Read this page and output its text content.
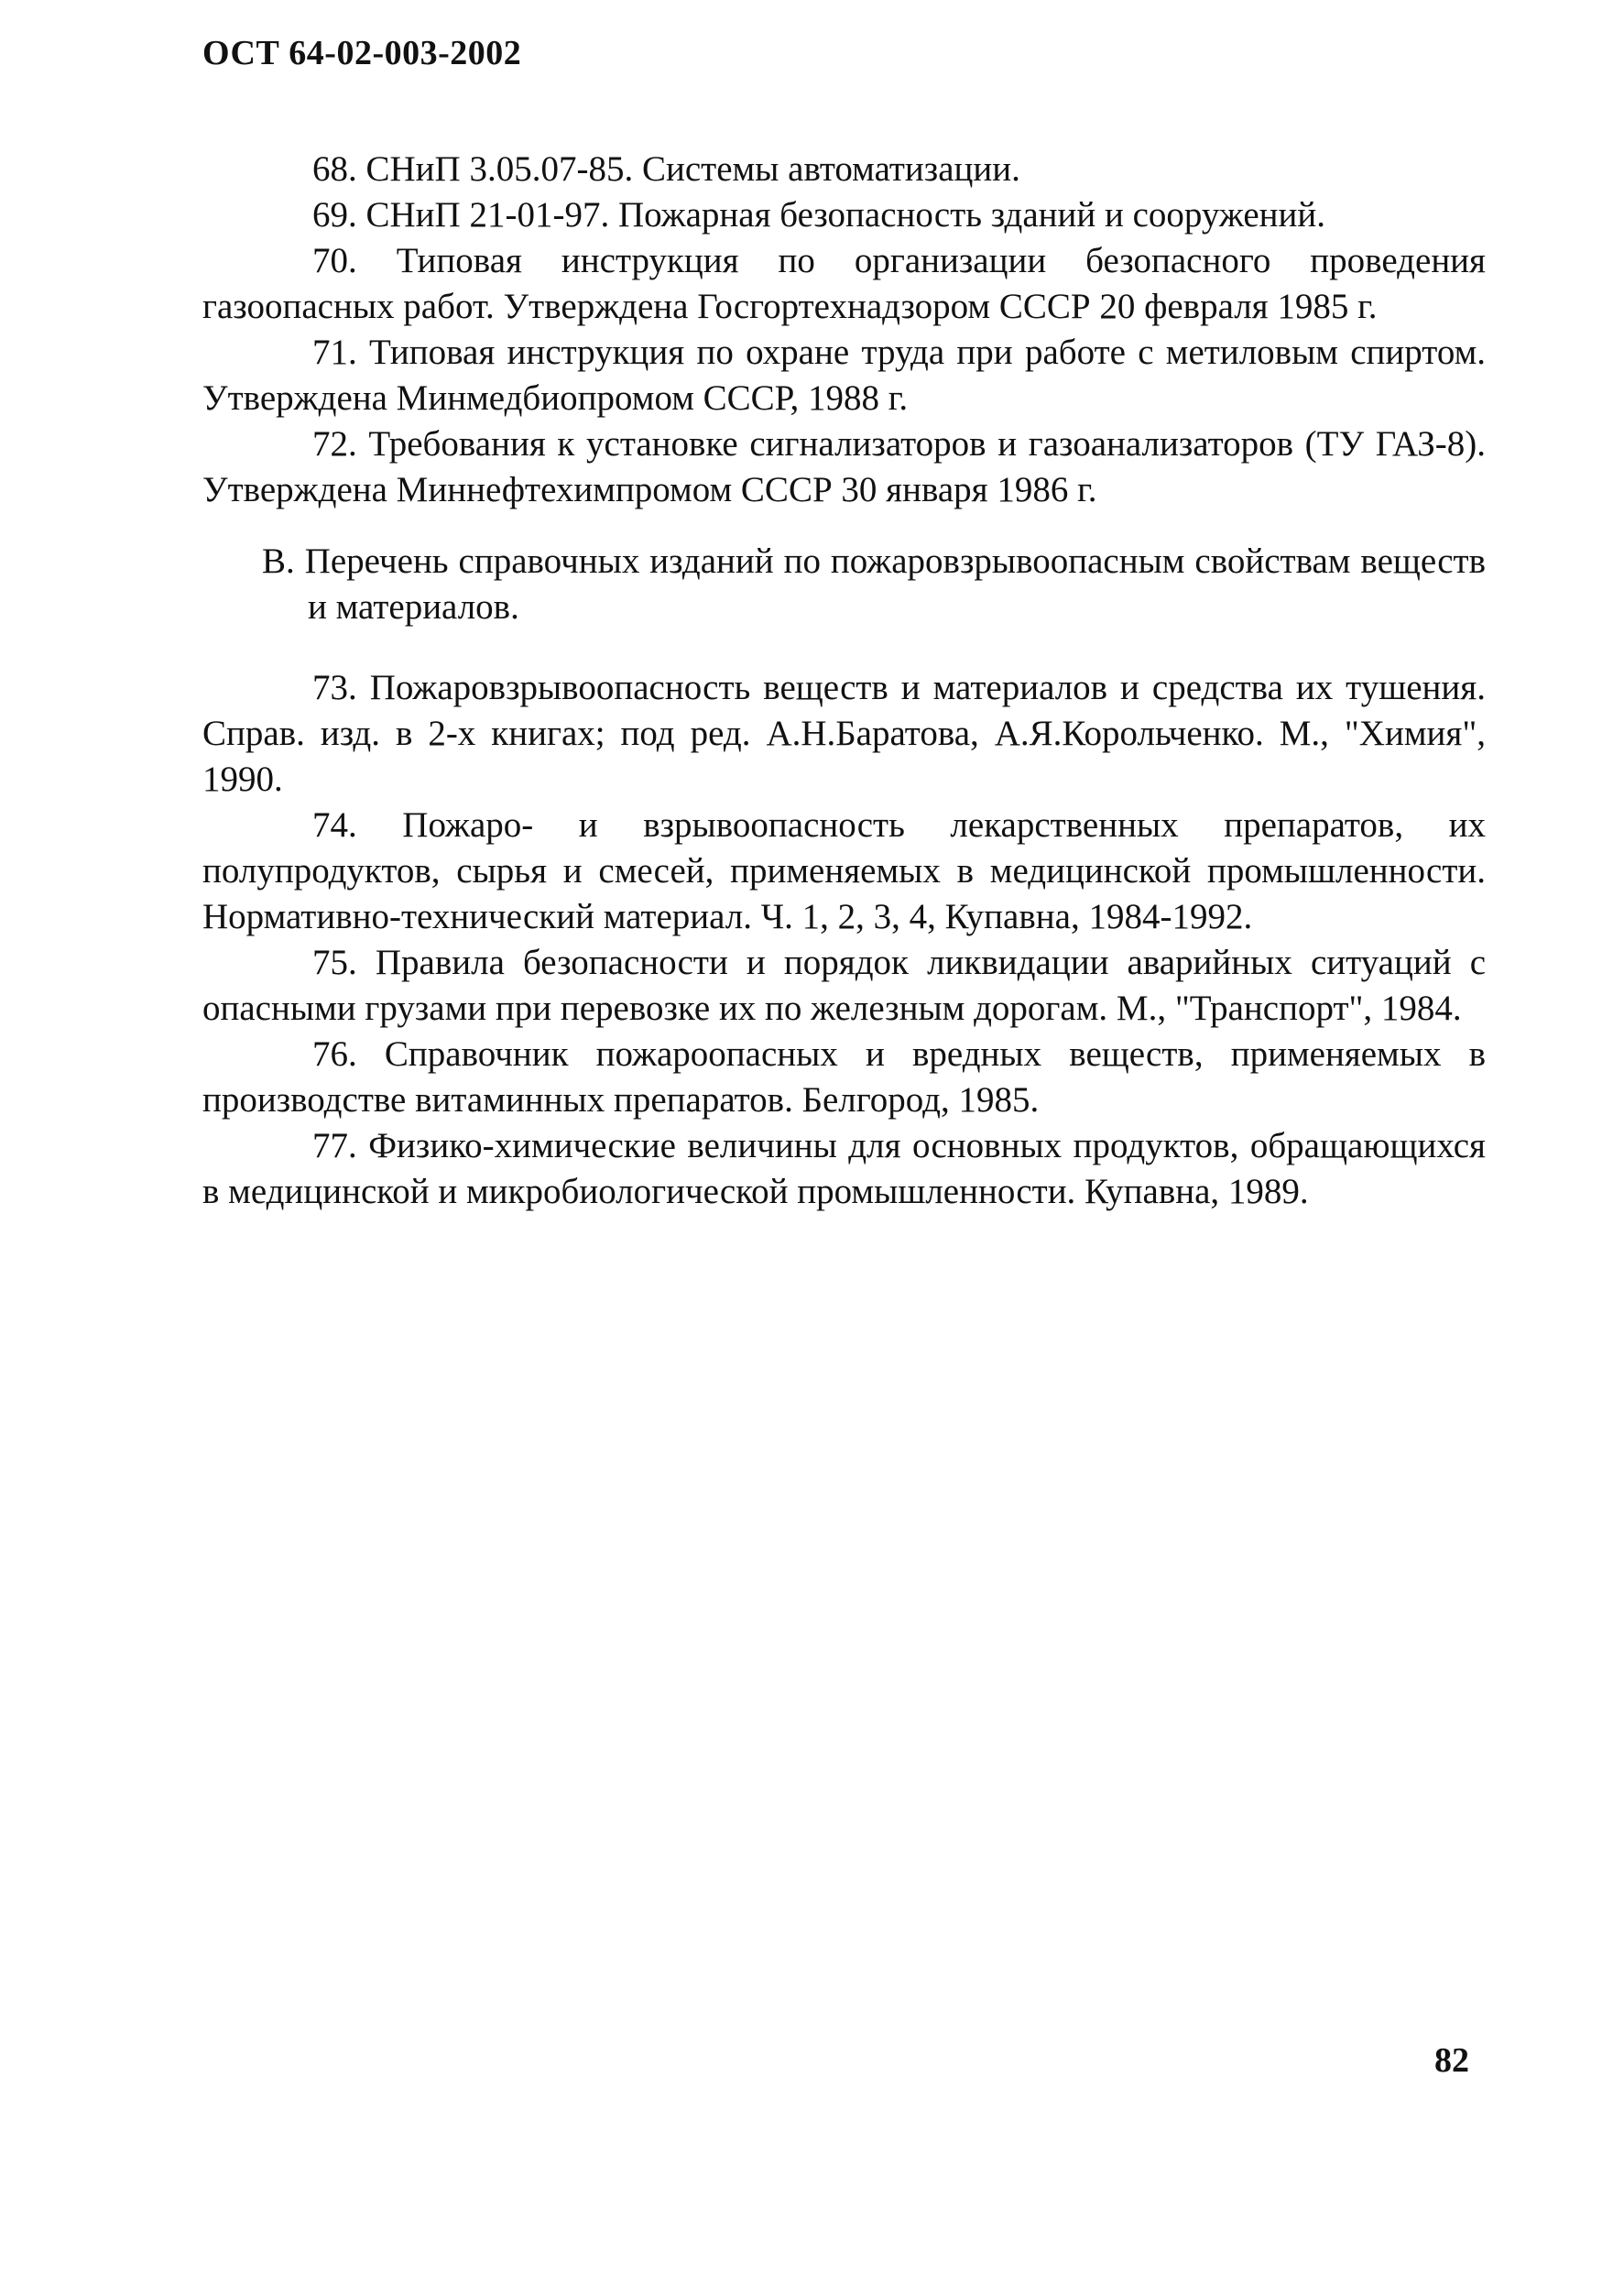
ОСТ 64-02-003-2002

68. СНиП 3.05.07-85. Системы автоматизации.

69. СНиП 21-01-97. Пожарная безопасность зданий и сооружений.

70. Типовая инструкция по организации безопасного проведения газоопасных работ. Утверждена Госгортехнадзором СССР 20 февраля 1985 г.

71. Типовая инструкция по охране труда при работе с метиловым спиртом. Утверждена Минмедбиопромом СССР, 1988 г.

72. Требования к установке сигнализаторов и газоанализаторов (ТУ ГАЗ-8). Утверждена Миннефтехимпромом СССР 30 января 1986 г.

В. Перечень справочных изданий по пожаровзрывоопасным свойствам веществ и материалов.

73. Пожаровзрывоопасность веществ и материалов и средства их тушения. Справ. изд. в 2-х книгах; под ред. А.Н.Баратова, А.Я.Корольченко. М., "Химия", 1990.

74. Пожаро- и взрывоопасность лекарственных препаратов, их полупродуктов, сырья и смесей, применяемых в медицинской промышленности. Нормативно-технический материал. Ч. 1, 2, 3, 4, Купавна, 1984-1992.

75. Правила безопасности и порядок ликвидации аварийных ситуаций с опасными грузами при перевозке их по железным дорогам. М., "Транспорт", 1984.

76. Справочник пожароопасных и вредных веществ, применяемых в производстве витаминных препаратов. Белгород, 1985.

77. Физико-химические величины для основных продуктов, обращающихся в медицинской и микробиологической промышленности. Купавна, 1989.

82
